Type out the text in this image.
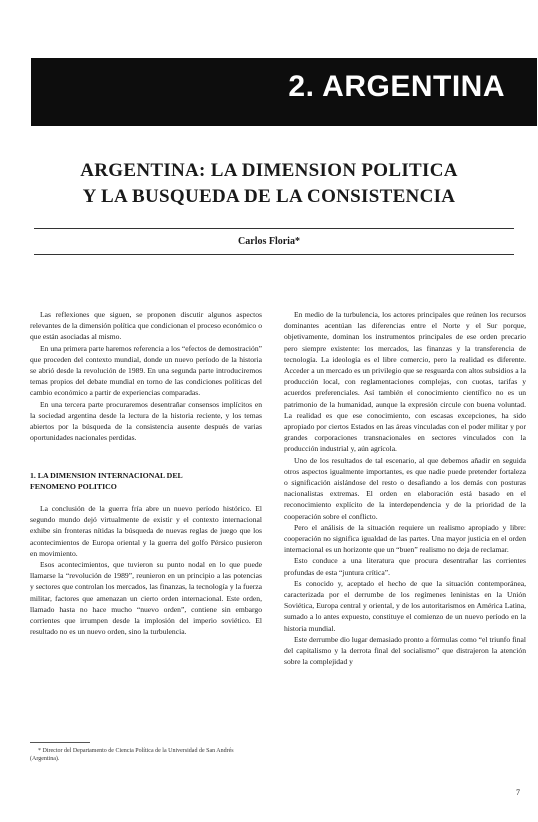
2. ARGENTINA
ARGENTINA: LA DIMENSION POLITICA
Y LA BUSQUEDA DE LA CONSISTENCIA
Carlos Floria*

Las reflexiones que siguen, se proponen discutir algunos aspectos relevantes de la dimensión política que condicionan el proceso económico o que están asociadas al mismo.

En una primera parte haremos referencia a los “efectos de demostración” que proceden del contexto mundial, donde un nuevo período de la historia se abrió desde la revolución de 1989. En una segunda parte introduciremos temas propios del debate mundial en torno de las condiciones políticas del cambio económico a partir de experiencias comparadas.

En una tercera parte procuraremos desentrañar consensos implícitos en la sociedad argentina desde la lectura de la historia reciente, y los temas abiertos por la búsqueda de la consistencia ausente después de varias oportunidades nacionales perdidas.

1. LA DIMENSION INTERNACIONAL DEL
FENOMENO POLITICO

La conclusión de la guerra fría abre un nuevo período histórico. El segundo mundo dejó virtualmente de existir y el contexto internacional exhibe sin fronteras nítidas la búsqueda de nuevas reglas de juego que los acontecimientos de Europa oriental y la guerra del golfo Pérsico pusieron en movimiento.

Esos acontecimientos, que tuvieron su punto nodal en lo que puede llamarse la “revolución de 1989”, reunieron en un principio a las potencias y sectores que controlan los mercados, las finanzas, la tecnología y la fuerza militar, factores que amenazan un cierto orden internacional. Este orden, llamado hasta no hace mucho “nuevo orden”, contiene sin embargo corrientes que irrumpen desde la implosión del imperio soviético. El resultado no es un nuevo orden, sino la turbulencia.

En medio de la turbulencia, los actores principales que reúnen los recursos dominantes acentúan las diferencias entre el Norte y el Sur porque, objetivamente, dominan los instrumentos principales de ese orden precario pero siempre existente: los mercados, las finanzas y la transferencia de tecnología. La ideología es el libre comercio, pero la realidad es diferente. Acceder a un mercado es un privilegio que se resguarda con altos subsidios a la producción local, con reglamentaciones complejas, con cuotas, tarifas y acuerdos preferenciales. Así también el conocimiento científico no es un patrimonio de la humanidad, aunque la expresión circule con buena voluntad. La realidad es que ese conocimiento, con escasas excepciones, ha sido apropiado por ciertos Estados en las áreas vinculadas con el poder militar y por grandes corporaciones transnacionales en sectores vinculados con la producción industrial y, aún agrícola.

Uno de los resultados de tal escenario, al que debemos añadir en seguida otros aspectos igualmente importantes, es que nadie puede pretender fortaleza o significación aislándose del resto o desafiando a los demás con posturas nacionalistas extremas. El orden en elaboración está basado en el reconocimiento explícito de la interdependencia y de la prioridad de la cooperación sobre el conflicto.

Pero el análisis de la situación requiere un realismo apropiado y libre: cooperación no significa igualdad de las partes. Una mayor justicia en el orden internacional es un horizonte que un “buen” realismo no deja de reclamar.

Esto conduce a una literatura que procura desentrañar las corrientes profundas de esta “juntura crítica”.

Es conocido y, aceptado el hecho de que la situación contemporánea, caracterizada por el derrumbe de los regímenes leninistas en la Unión Soviética, Europa central y oriental, y de los autoritarismos en América Latina, sumado a lo antes expuesto, constituye el comienzo de un nuevo período en la historia mundial.

Este derrumbe dio lugar demasiado pronto a fórmulas como “el triunfo final del capitalismo y la derrota final del socialismo” que distrajeron la atención sobre la complejidad y

* Director del Departamento de Ciencia Política de la Universidad de San Andrés (Argentina).
7
